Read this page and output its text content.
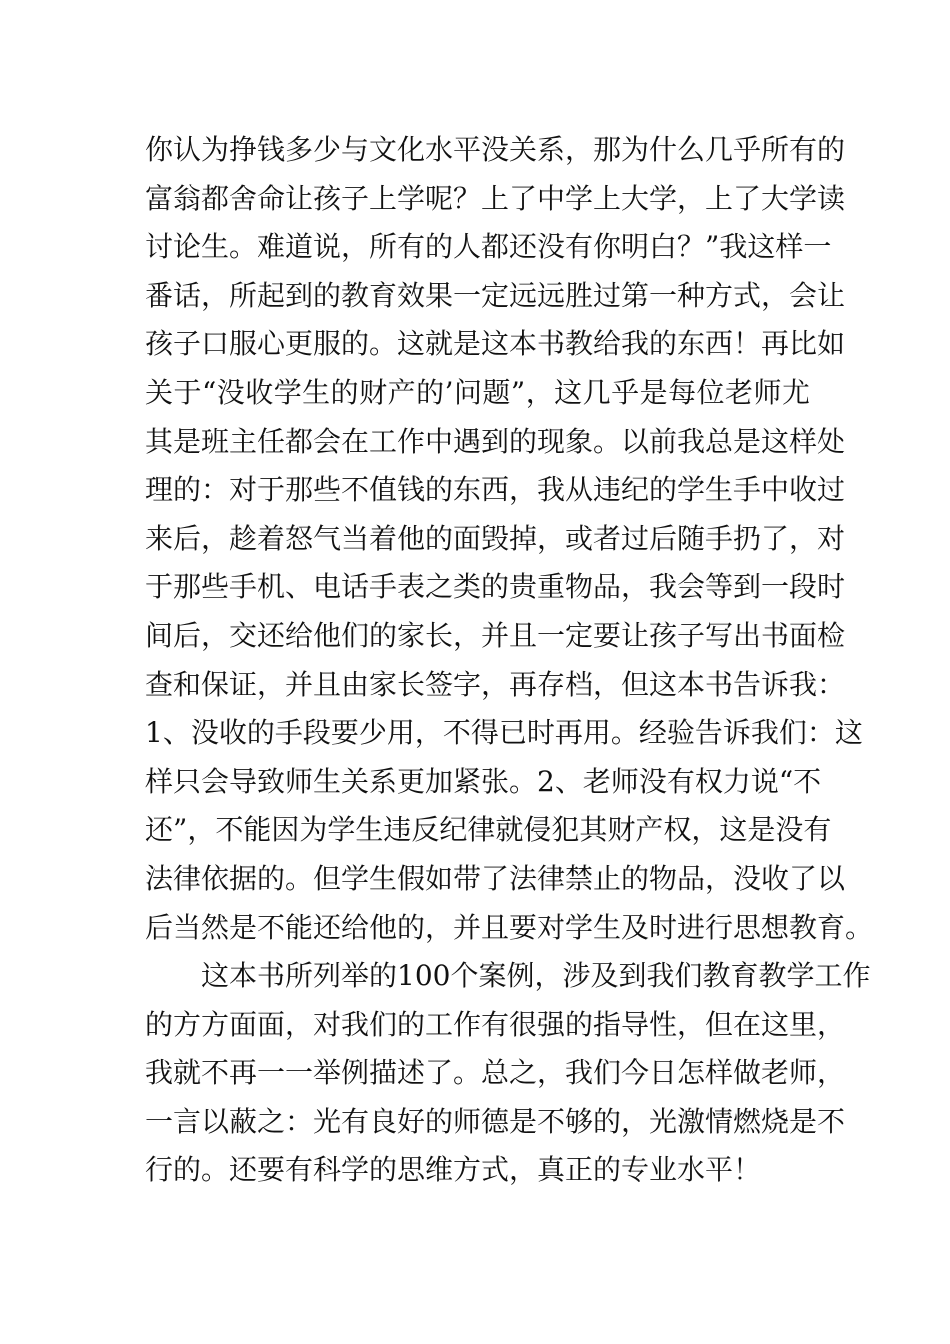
你认为挣钱多少与文化水平没关系，那为什么几乎所有的
富翁都舍命让孩子上学呢？上了中学上大学，上了大学读
讨论生。难道说，所有的人都还没有你明白？”我这样一
番话，所起到的教育效果一定远远胜过第一种方式，会让
孩子口服心更服的。这就是这本书教给我的东西！再比如
关于“没收学生的财产的’问题”，这几乎是每位老师尤
其是班主任都会在工作中遇到的现象。以前我总是这样处
理的：对于那些不值钱的东西，我从违纪的学生手中收过
来后，趁着怒气当着他的面毁掉，或者过后随手扔了，对
于那些手机、电话手表之类的贵重物品，我会等到一段时
间后，交还给他们的家长，并且一定要让孩子写出书面检
查和保证，并且由家长签字，再存档，但这本书告诉我：
1、没收的手段要少用，不得已时再用。经验告诉我们：这
样只会导致师生关系更加紧张。2、老师没有权力说“不
还”，不能因为学生违反纪律就侵犯其财产权，这是没有
法律依据的。但学生假如带了法律禁止的物品，没收了以
后当然是不能还给他的，并且要对学生及时进行思想教育。
这本书所列举的100个案例，涉及到我们教育教学工作
的方方面面，对我们的工作有很强的指导性，但在这里，
我就不再一一举例描述了。总之，我们今日怎样做老师，
一言以蔽之：光有良好的师德是不够的，光激情燃烧是不
行的。还要有科学的思维方式，真正的专业水平！
